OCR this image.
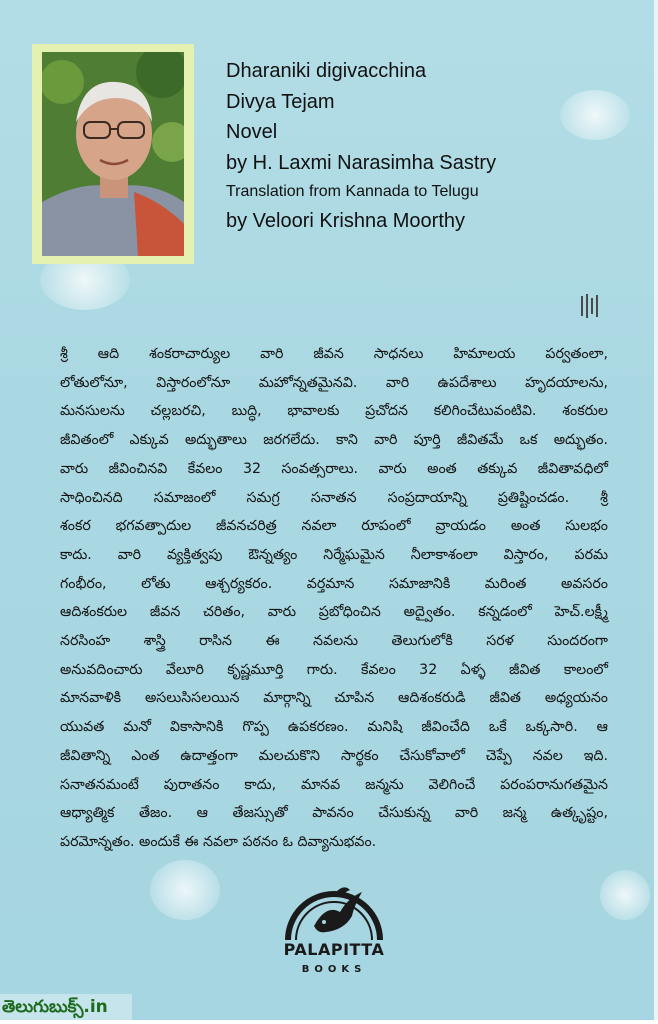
Dharaniki digivacchina
Divya Tejam
Novel
by H. Laxmi Narasimha Sastry
Translation from Kannada to Telugu
by Veloori Krishna Moorthy
శ్రీ ఆది శంకరాచార్యుల వారి జీవన సాధనలు హిమాలయ పర్వతంలా,
లోతులోనూ, విస్తారంలోనూ మహోన్నతమైనవి. వారి ఉపదేశాలు హృదయాలను,
మనసులను చల్లబరచి, బుద్ధి, భావాలకు ప్రచోదన కలిగించేటువంటివి. శంకరుల
జీవితంలో ఎక్కువ అద్భుతాలు జరగలేదు. కాని వారి పూర్తి జీవితమే ఒక అద్భుతం.
వారు జీవించినవి కేవలం 32 సంవత్సరాలు. వారు అంత తక్కువ జీవితావధిలో
సాధించినది సమాజంలో సమగ్ర సనాతన సంప్రదాయాన్ని ప్రతిష్టించడం. శ్రీ
శంకర భగవత్పాదుల జీవనచరిత్ర నవలా రూపంలో వ్రాయడం అంత సులభం
కాదు. వారి వ్యక్తిత్వపు ఔన్నత్యం నిర్మేఘమైన నీలాకాశంలా విస్తారం, పరమ
గంభీరం, లోతు ఆశ్చర్యకరం. వర్తమాన సమాజానికి మరింత అవసరం
ఆదిశంకరుల జీవన చరితం, వారు ప్రబోధించిన అద్వైతం. కన్నడంలో హెచ్.లక్ష్మీ
నరసింహ శాస్త్రి రాసిన ఈ నవలను తెలుగులోకి సరళ సుందరంగా
అనువదించారు వేలూరి కృష్ణమూర్తి గారు. కేవలం 32 ఏళ్ళ జీవిత కాలంలో
మానవాళికి అసలుసిసలయిన మార్గాన్ని చూపిన ఆదిశంకరుడి జీవిత అధ్యయనం
యువత మనో వికాసానికి గొప్ప ఉపకరణం. మనిషి జీవించేది ఒకే ఒక్కసారి. ఆ
జీవితాన్ని ఎంత ఉదాత్తంగా మలచుకొని సార్థకం చేసుకోవాలో చెప్పే నవల ఇది.
సనాతనమంటే పురాతనం కాదు, మానవ జన్మను వెలిగించే పరంపరానుగతమైన
ఆధ్యాత్మిక తేజం. ఆ తేజస్సుతో పావనం చేసుకున్న వారి జన్మ ఉత్కృష్టం,
పరమోన్నతం. అందుకే ఈ నవలా పఠనం ఓ దివ్యానుభవం.
PALAPITTA
BOOKS
తెలుగుబుక్స్.in
